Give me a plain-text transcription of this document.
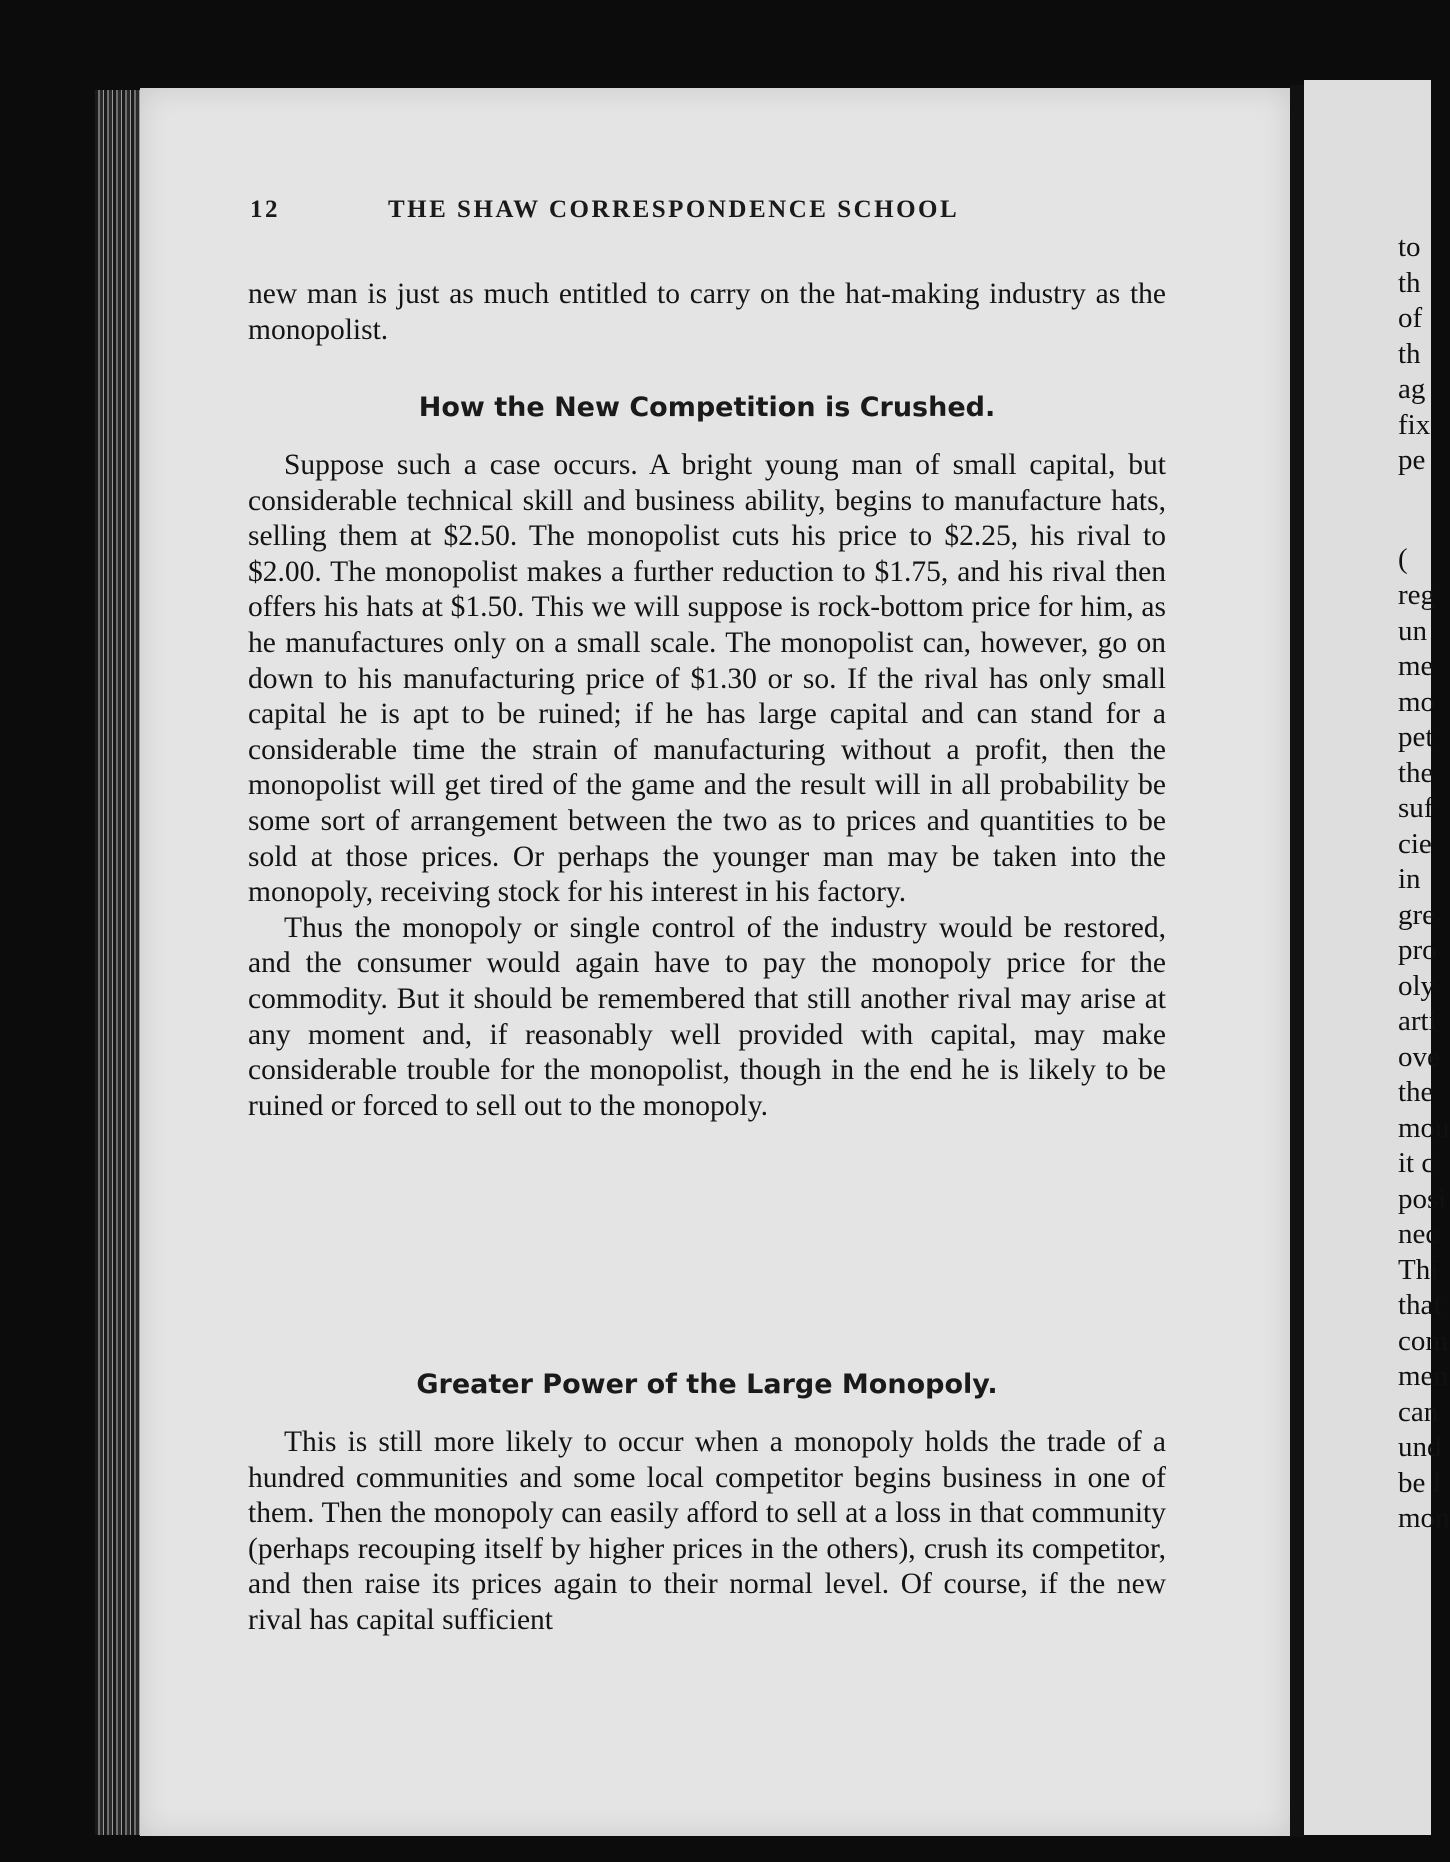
to
th
of
th
ag
fix
pe

(

reg
un
me
mo
pet
the
suf
cie
in
gre
pro
oly
arti
ove
the
mou
it c
posi
nec
Thi
that
com
men
can
und
be l
mon

12	THE SHAW CORRESPONDENCE SCHOOL

new man is just as much entitled to carry on the hat-making industry as the monopolist.

How the New Competition is Crushed.

Suppose such a case occurs. A bright young man of small capital, but considerable technical skill and business ability, begins to manufacture hats, selling them at $2.50. The monopolist cuts his price to $2.25, his rival to $2.00. The monopolist makes a further reduction to $1.75, and his rival then offers his hats at $1.50. This we will suppose is rock-bottom price for him, as he manufactures only on a small scale. The monopolist can, however, go on down to his manufacturing price of $1.30 or so. If the rival has only small capital he is apt to be ruined; if he has large capital and can stand for a considerable time the strain of manufacturing without a profit, then the monopolist will get tired of the game and the result will in all probability be some sort of arrangement between the two as to prices and quantities to be sold at those prices. Or perhaps the younger man may be taken into the monopoly, receiving stock for his interest in his factory.

Thus the monopoly or single control of the industry would be restored, and the consumer would again have to pay the monopoly price for the commodity. But it should be remembered that still another rival may arise at any moment and, if reasonably well provided with capital, may make considerable trouble for the monopolist, though in the end he is likely to be ruined or forced to sell out to the monopoly.

Greater Power of the Large Monopoly.

This is still more likely to occur when a monopoly holds the trade of a hundred communities and some local competitor begins business in one of them. Then the monopoly can easily afford to sell at a loss in that community (perhaps recouping itself by higher prices in the others), crush its competitor, and then raise its prices again to their normal level. Of course, if the new rival has capital sufficient
